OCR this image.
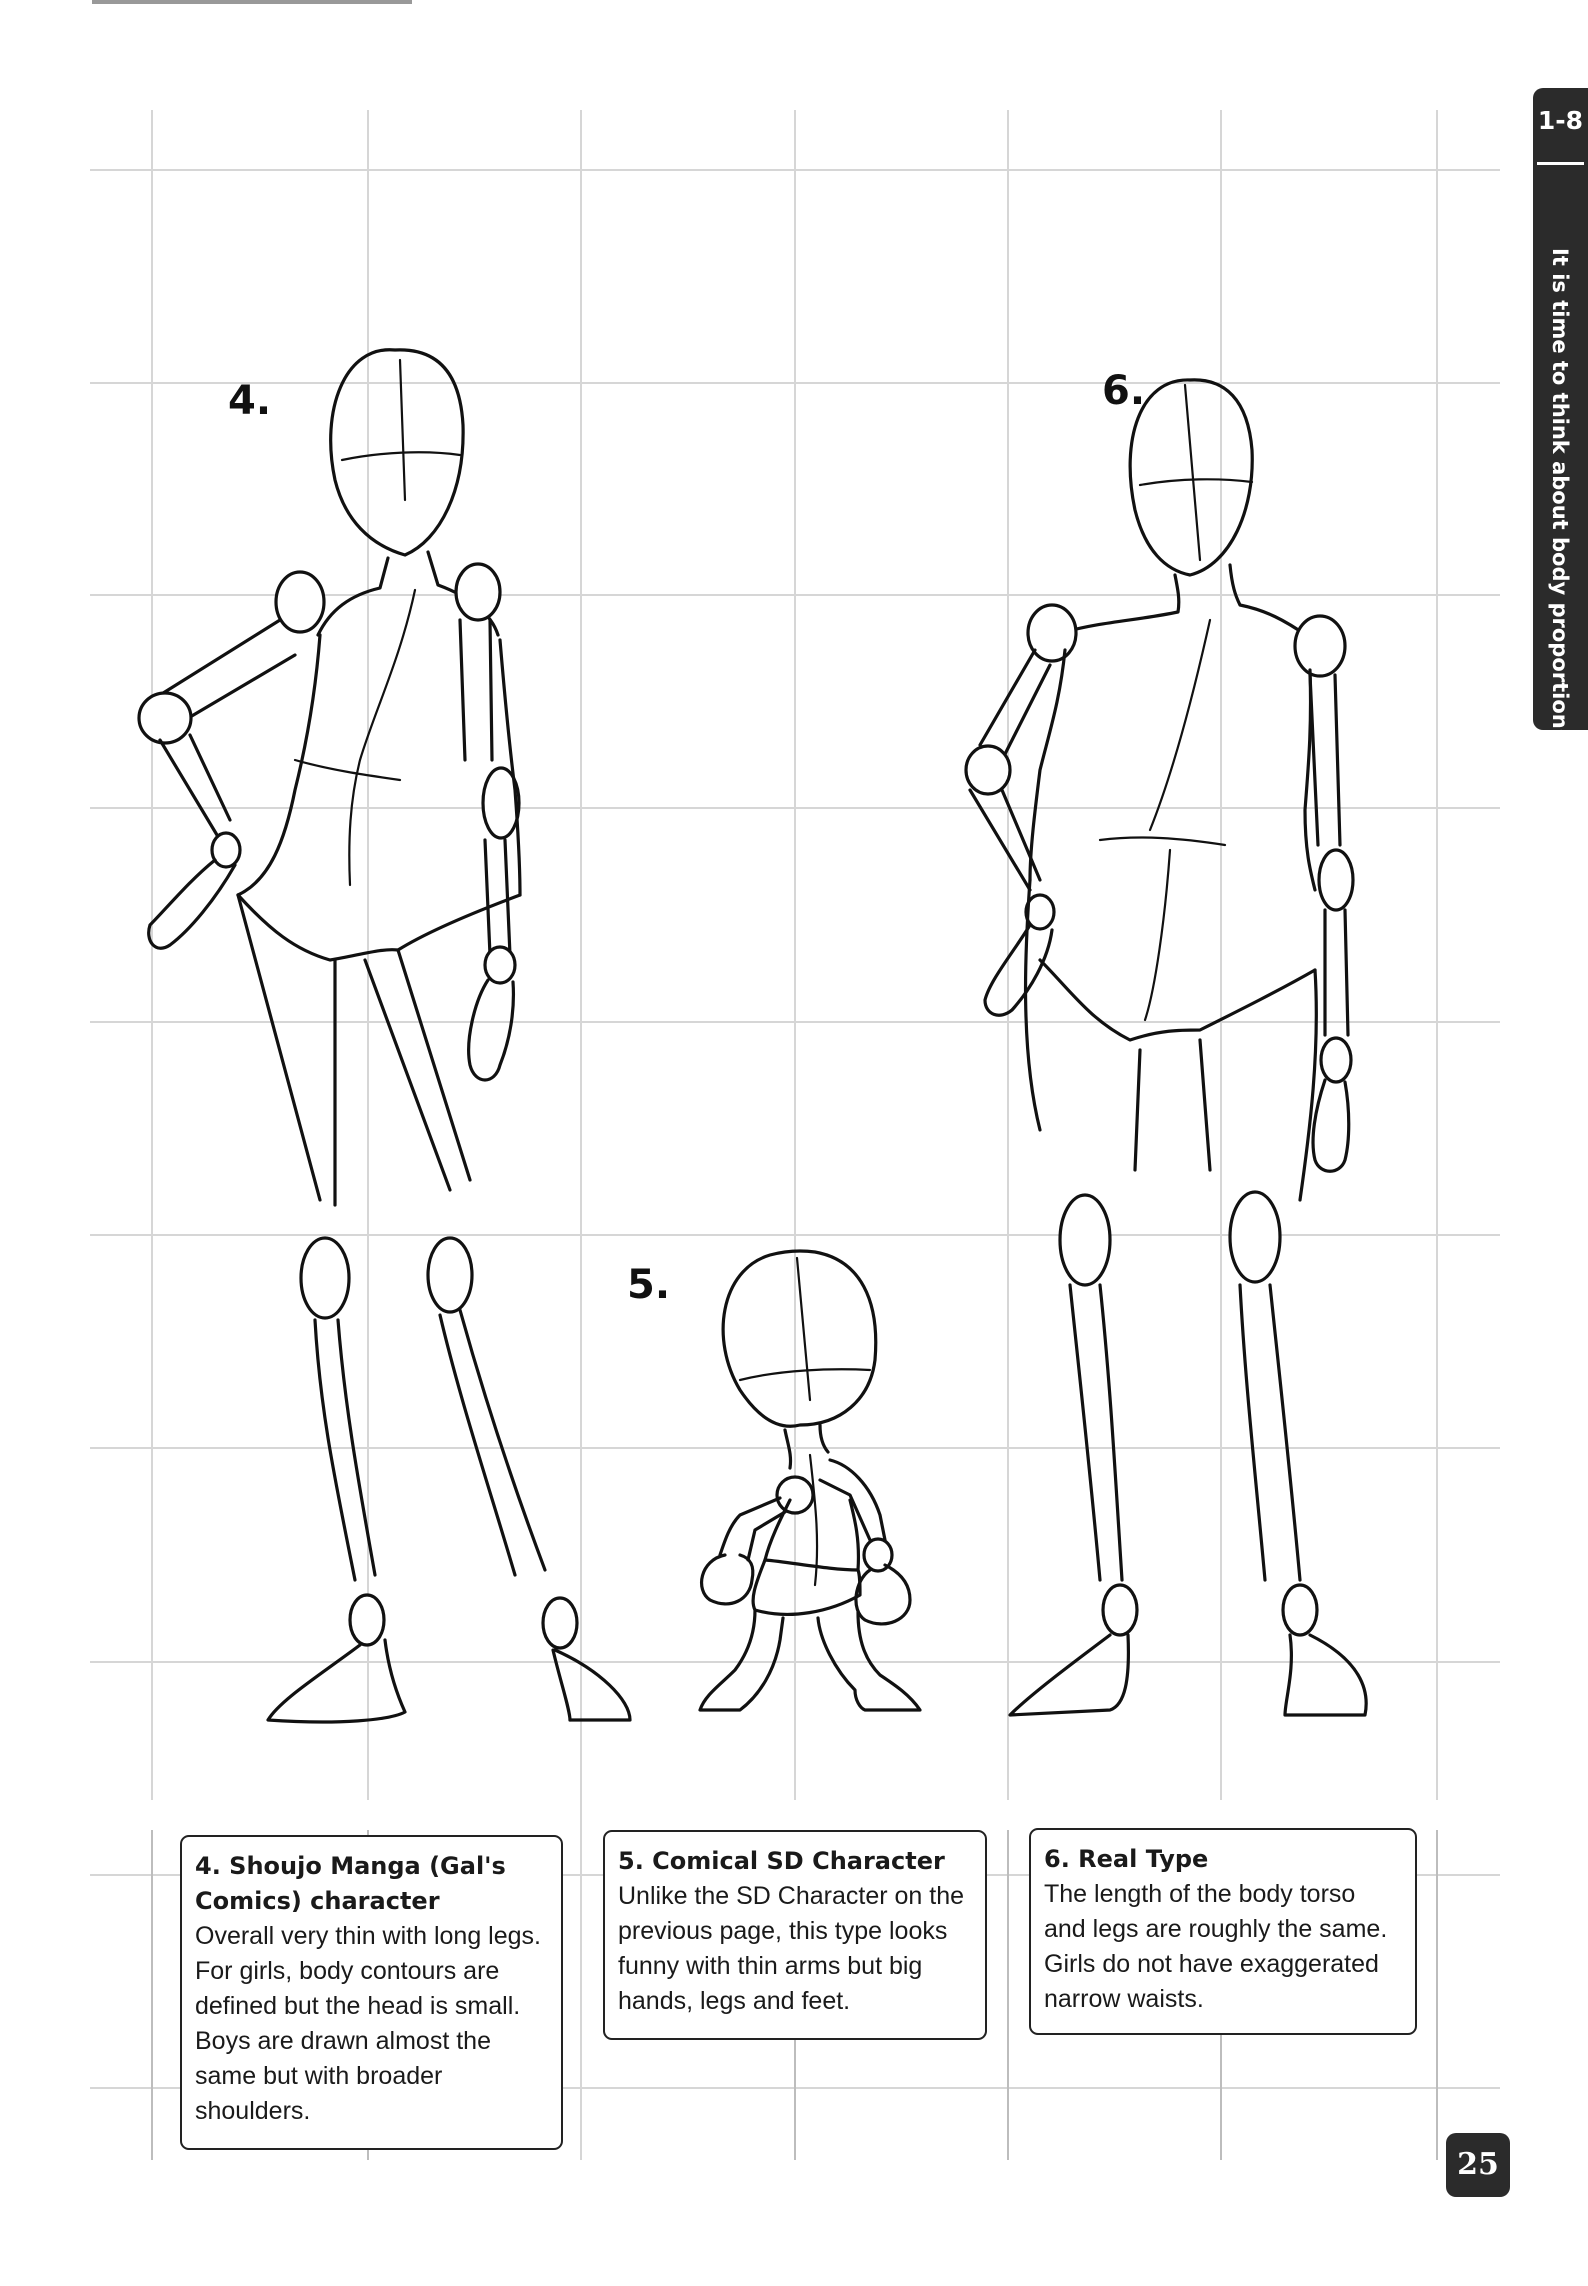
4.
5.
6.
1-8
It is time to think about body proportions now.
4. Shoujo Manga (Gal's Comics) character
Overall very thin with long legs. For girls, body contours are defined but the head is small. Boys are drawn almost the same but with broader shoulders.
5. Comical SD Character
Unlike the SD Character on the previous page, this type looks funny with thin arms but big hands, legs and feet.
6. Real Type
The length of the body torso and legs are roughly the same. Girls do not have exaggerated narrow waists.
25
